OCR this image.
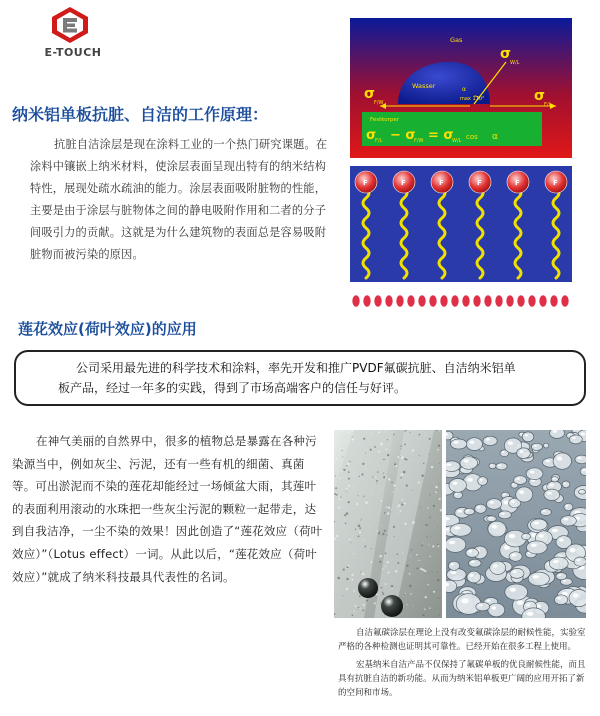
E-TOUCH
纳米铝单板抗脏、自洁的工作原理：
抗脏自洁涂层是现在涂料工业的一个热门研究课题。在涂料中镶嵌上纳米材料，使涂层表面呈现出特有的纳米结构特性，展现处疏水疏油的能力。涂层表面吸附脏物的性能，主要是由于涂层与脏物体之间的静电吸附作用和二者的分子间吸引力的贡献。这就是为什么建筑物的表面总是容易吸附脏物而被污染的原因。
Gas
Wasser	α
max 110°
σ
W/L
σ
F/W	σ
F/L
Festkorper
σ
F/L − σ
F/W = σ
W/L cos α
F	F	F	F	F	F
莲花效应(荷叶效应)的应用
公司采用最先进的科学技术和涂料，率先开发和推广PVDF氟碳抗脏、自洁纳米铝单
板产品，经过一年多的实践，得到了市场高端客户的信任与好评。
在神气美丽的自然界中，很多的植物总是暴露在各种污染源当中，例如灰尘、污泥，还有一些有机的细菌、真菌等。可出淤泥而不染的莲花却能经过一场倾盆大雨，其莲叶的表面利用滚动的水珠把一些灰尘污泥的颗粒一起带走，达到自我洁净，一尘不染的效果！因此创造了“莲花效应（荷叶效应）”（Lotus effect）一词。从此以后，“莲花效应（荷叶效应）”就成了纳米科技最具代表性的名词。

自洁氟碳涂层在理论上没有改变氟碳涂层的耐候性能，实验室严格的各种检测也证明其可靠性。已经开始在很多工程上使用。

宏基纳米自洁产品不仅保持了氟碳单板的优良耐候性能，而且具有抗脏自洁的新功能。从而为纳米铝单板更广阔的应用开拓了新的空间和市场。
